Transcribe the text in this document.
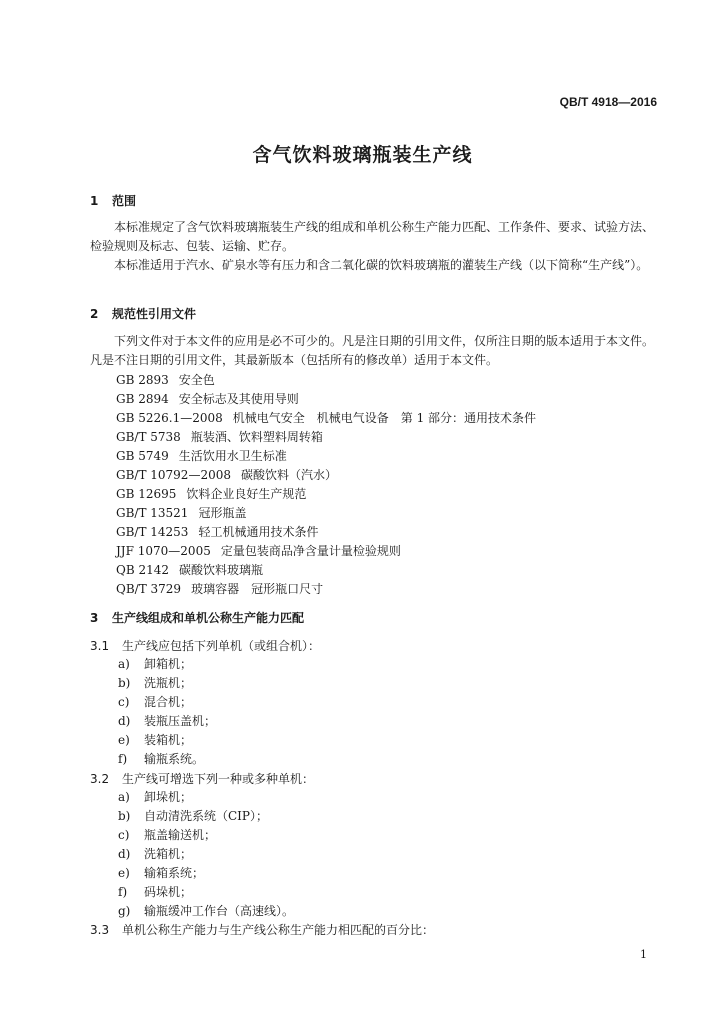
QB/T 4918—2016
含气饮料玻璃瓶装生产线
1 范围
本标准规定了含气饮料玻璃瓶装生产线的组成和单机公称生产能力匹配、工作条件、要求、试验方法、检验规则及标志、包装、运输、贮存。
本标准适用于汽水、矿泉水等有压力和含二氧化碳的饮料玻璃瓶的灌装生产线（以下简称“生产线”）。
2 规范性引用文件
下列文件对于本文件的应用是必不可少的。凡是注日期的引用文件，仅所注日期的版本适用于本文件。凡是不注日期的引用文件，其最新版本（包括所有的修改单）适用于本文件。
GB 2893 安全色
GB 2894 安全标志及其使用导则
GB 5226.1—2008 机械电气安全　机械电气设备　第 1 部分：通用技术条件
GB/T 5738 瓶装酒、饮料塑料周转箱
GB 5749 生活饮用水卫生标准
GB/T 10792—2008 碳酸饮料（汽水）
GB 12695 饮料企业良好生产规范
GB/T 13521 冠形瓶盖
GB/T 14253 轻工机械通用技术条件
JJF 1070—2005 定量包装商品净含量计量检验规则
QB 2142 碳酸饮料玻璃瓶
QB/T 3729 玻璃容器　冠形瓶口尺寸
3 生产线组成和单机公称生产能力匹配
3.1 生产线应包括下列单机（或组合机）：
a) 卸箱机；
b) 洗瓶机；
c) 混合机；
d) 装瓶压盖机；
e) 装箱机；
f) 输瓶系统。
3.2 生产线可增选下列一种或多种单机：
a) 卸垛机；
b) 自动清洗系统（CIP）；
c) 瓶盖输送机；
d) 洗箱机；
e) 输箱系统；
f) 码垛机；
g) 输瓶缓冲工作台（高速线）。
3.3 单机公称生产能力与生产线公称生产能力相匹配的百分比：
1
